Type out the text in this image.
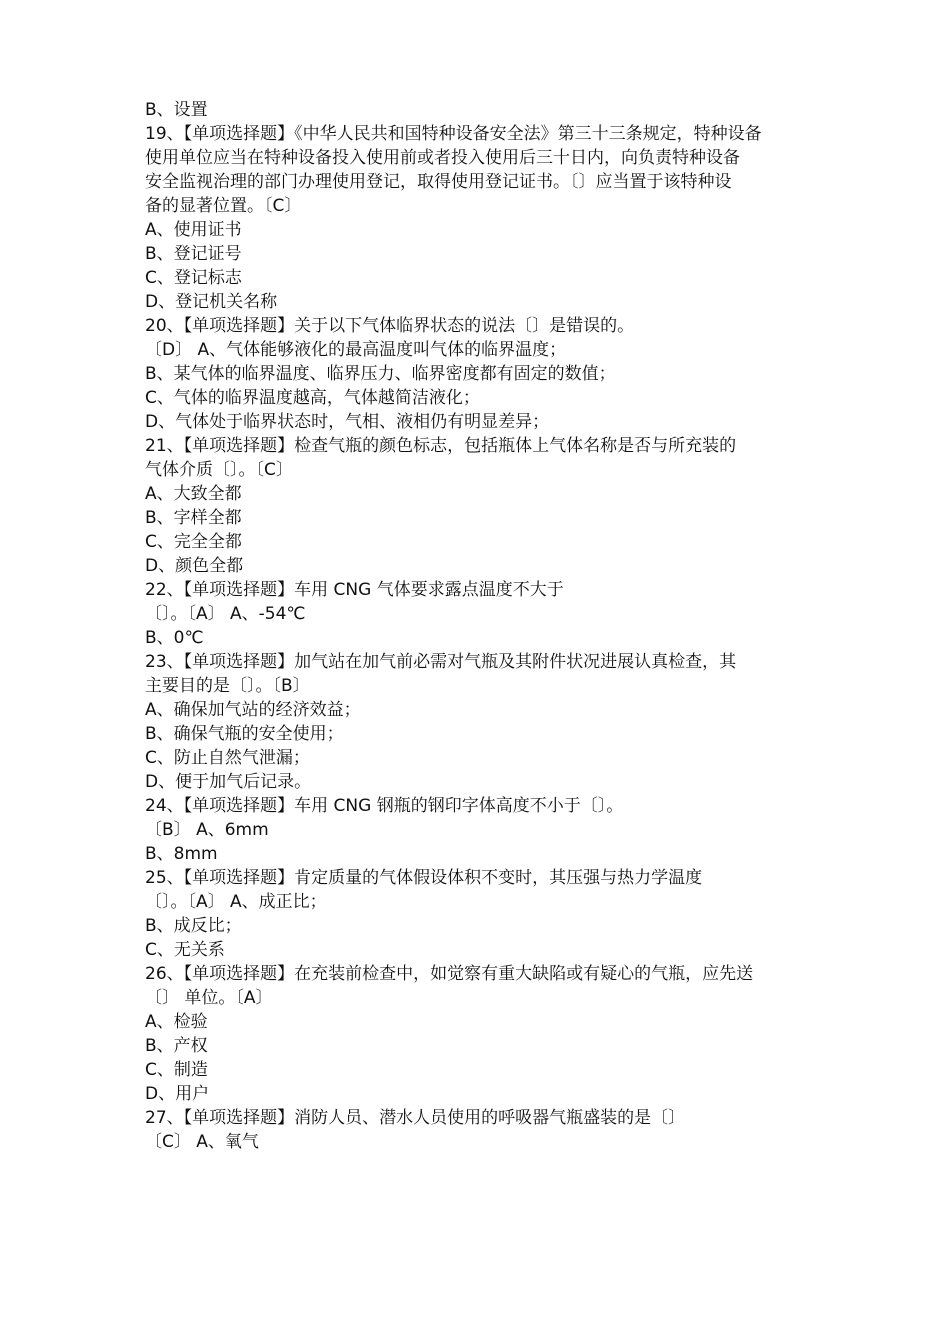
B、设置
19、【单项选择题】《中华人民共和国特种设备安全法》第三十三条规定，特种设备
使用单位应当在特种设备投入使用前或者投入使用后三十日内，向负责特种设备
安全监视治理的部门办理使用登记，取得使用登记证书。〔〕应当置于该特种设
备的显著位置。〔C〕
A、使用证书
B、登记证号
C、登记标志
D、登记机关名称
20、【单项选择题】关于以下气体临界状态的说法〔〕是错误的。
〔D〕 A、气体能够液化的最高温度叫气体的临界温度；
B、某气体的临界温度、临界压力、临界密度都有固定的数值；
C、气体的临界温度越高，气体越简洁液化；
D、气体处于临界状态时，气相、液相仍有明显差异；
21、【单项选择题】检查气瓶的颜色标志，包括瓶体上气体名称是否与所充装的
气体介质〔〕。〔C〕
A、大致全都
B、字样全都
C、完全全都
D、颜色全都
22、【单项选择题】车用 CNG 气体要求露点温度不大于
〔〕。〔A〕 A、-54℃
B、0℃
23、【单项选择题】加气站在加气前必需对气瓶及其附件状况进展认真检查，其
主要目的是〔〕。〔B〕
A、确保加气站的经济效益；
B、确保气瓶的安全使用；
C、防止自然气泄漏；
D、便于加气后记录。
24、【单项选择题】车用 CNG 钢瓶的钢印字体高度不小于〔〕。
〔B〕 A、6mm
B、8mm
25、【单项选择题】肯定质量的气体假设体积不变时，其压强与热力学温度
〔〕。〔A〕 A、成正比；
B、成反比；
C、无关系
26、【单项选择题】在充装前检查中，如觉察有重大缺陷或有疑心的气瓶，应先送
〔〕 单位。〔A〕
A、检验
B、产权
C、制造
D、用户
27、【单项选择题】消防人员、潜水人员使用的呼吸器气瓶盛装的是〔〕
〔C〕 A、氧气
